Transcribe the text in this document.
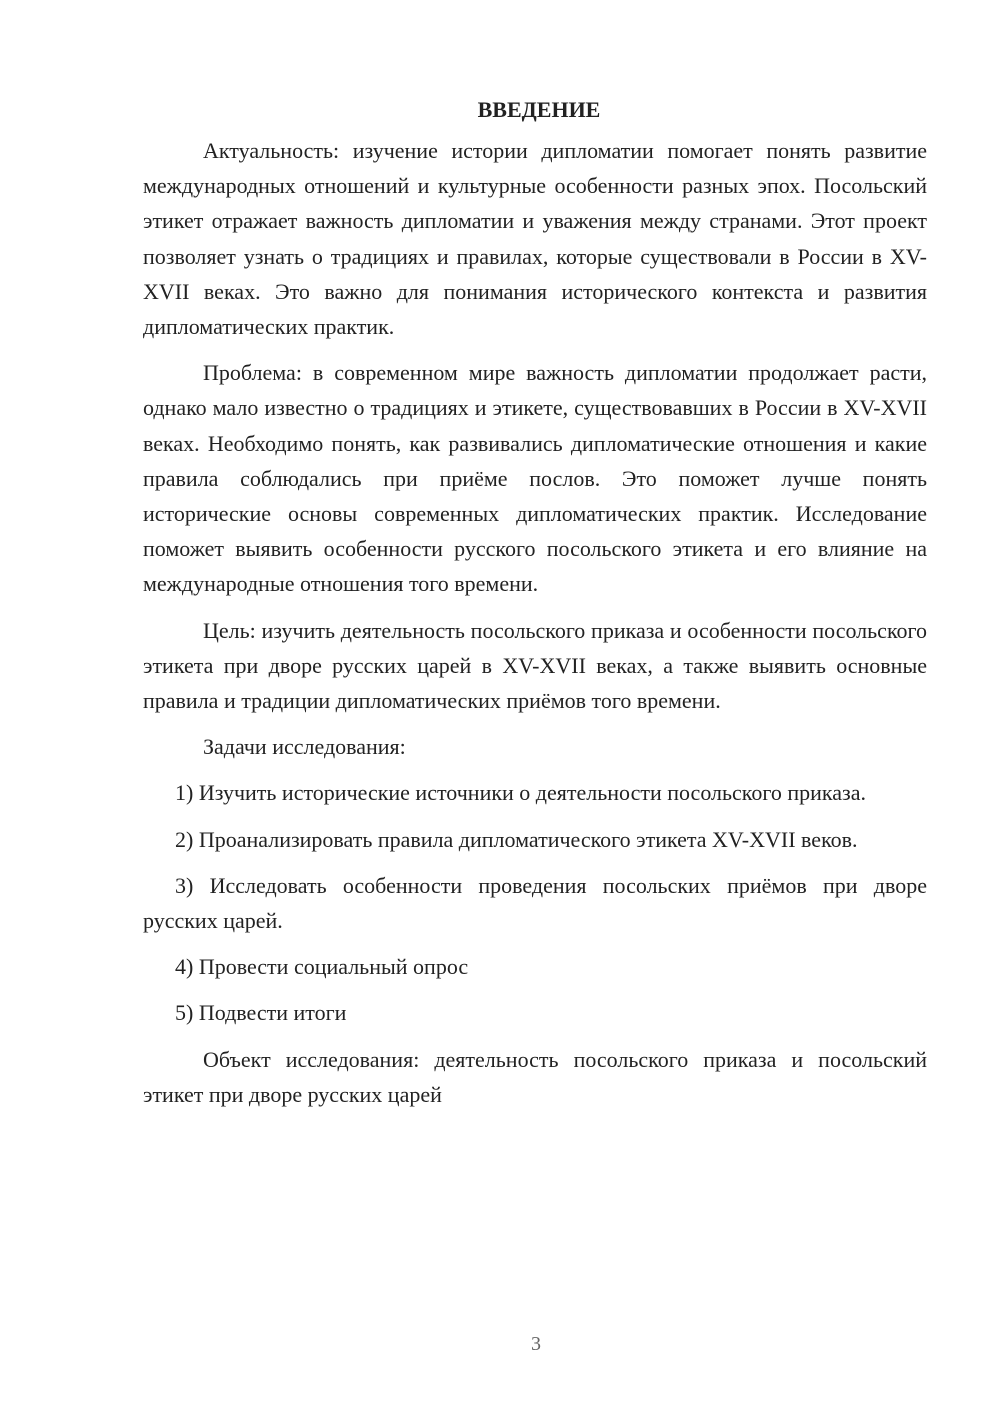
ВВЕДЕНИЕ

Актуальность: изучение истории дипломатии помогает понять развитие международных отношений и культурные особенности разных эпох. Посольский этикет отражает важность дипломатии и уважения между странами. Этот проект позволяет узнать о традициях и правилах, которые существовали в России в XV-XVII веках. Это важно для понимания исторического контекста и развития дипломатических практик.

Проблема: в современном мире важность дипломатии продолжает расти, однако мало известно о традициях и этикете, существовавших в России в XV-XVII веках. Необходимо понять, как развивались дипломатические отношения и какие правила соблюдались при приёме послов. Это поможет лучше понять исторические основы современных дипломатических практик. Исследование поможет выявить особенности русского посольского этикета и его влияние на международные отношения того времени.

Цель: изучить деятельность посольского приказа и особенности посольского этикета при дворе русских царей в XV-XVII веках, а также выявить основные правила и традиции дипломатических приёмов того времени.

Задачи исследования:

1) Изучить исторические источники о деятельности посольского приказа.

2) Проанализировать правила дипломатического этикета XV-XVII веков.

3) Исследовать особенности проведения посольских приёмов при дворе русских царей.

4) Провести социальный опрос

5) Подвести итоги

Объект исследования: деятельность посольского приказа и посольский этикет при дворе русских царей

3
